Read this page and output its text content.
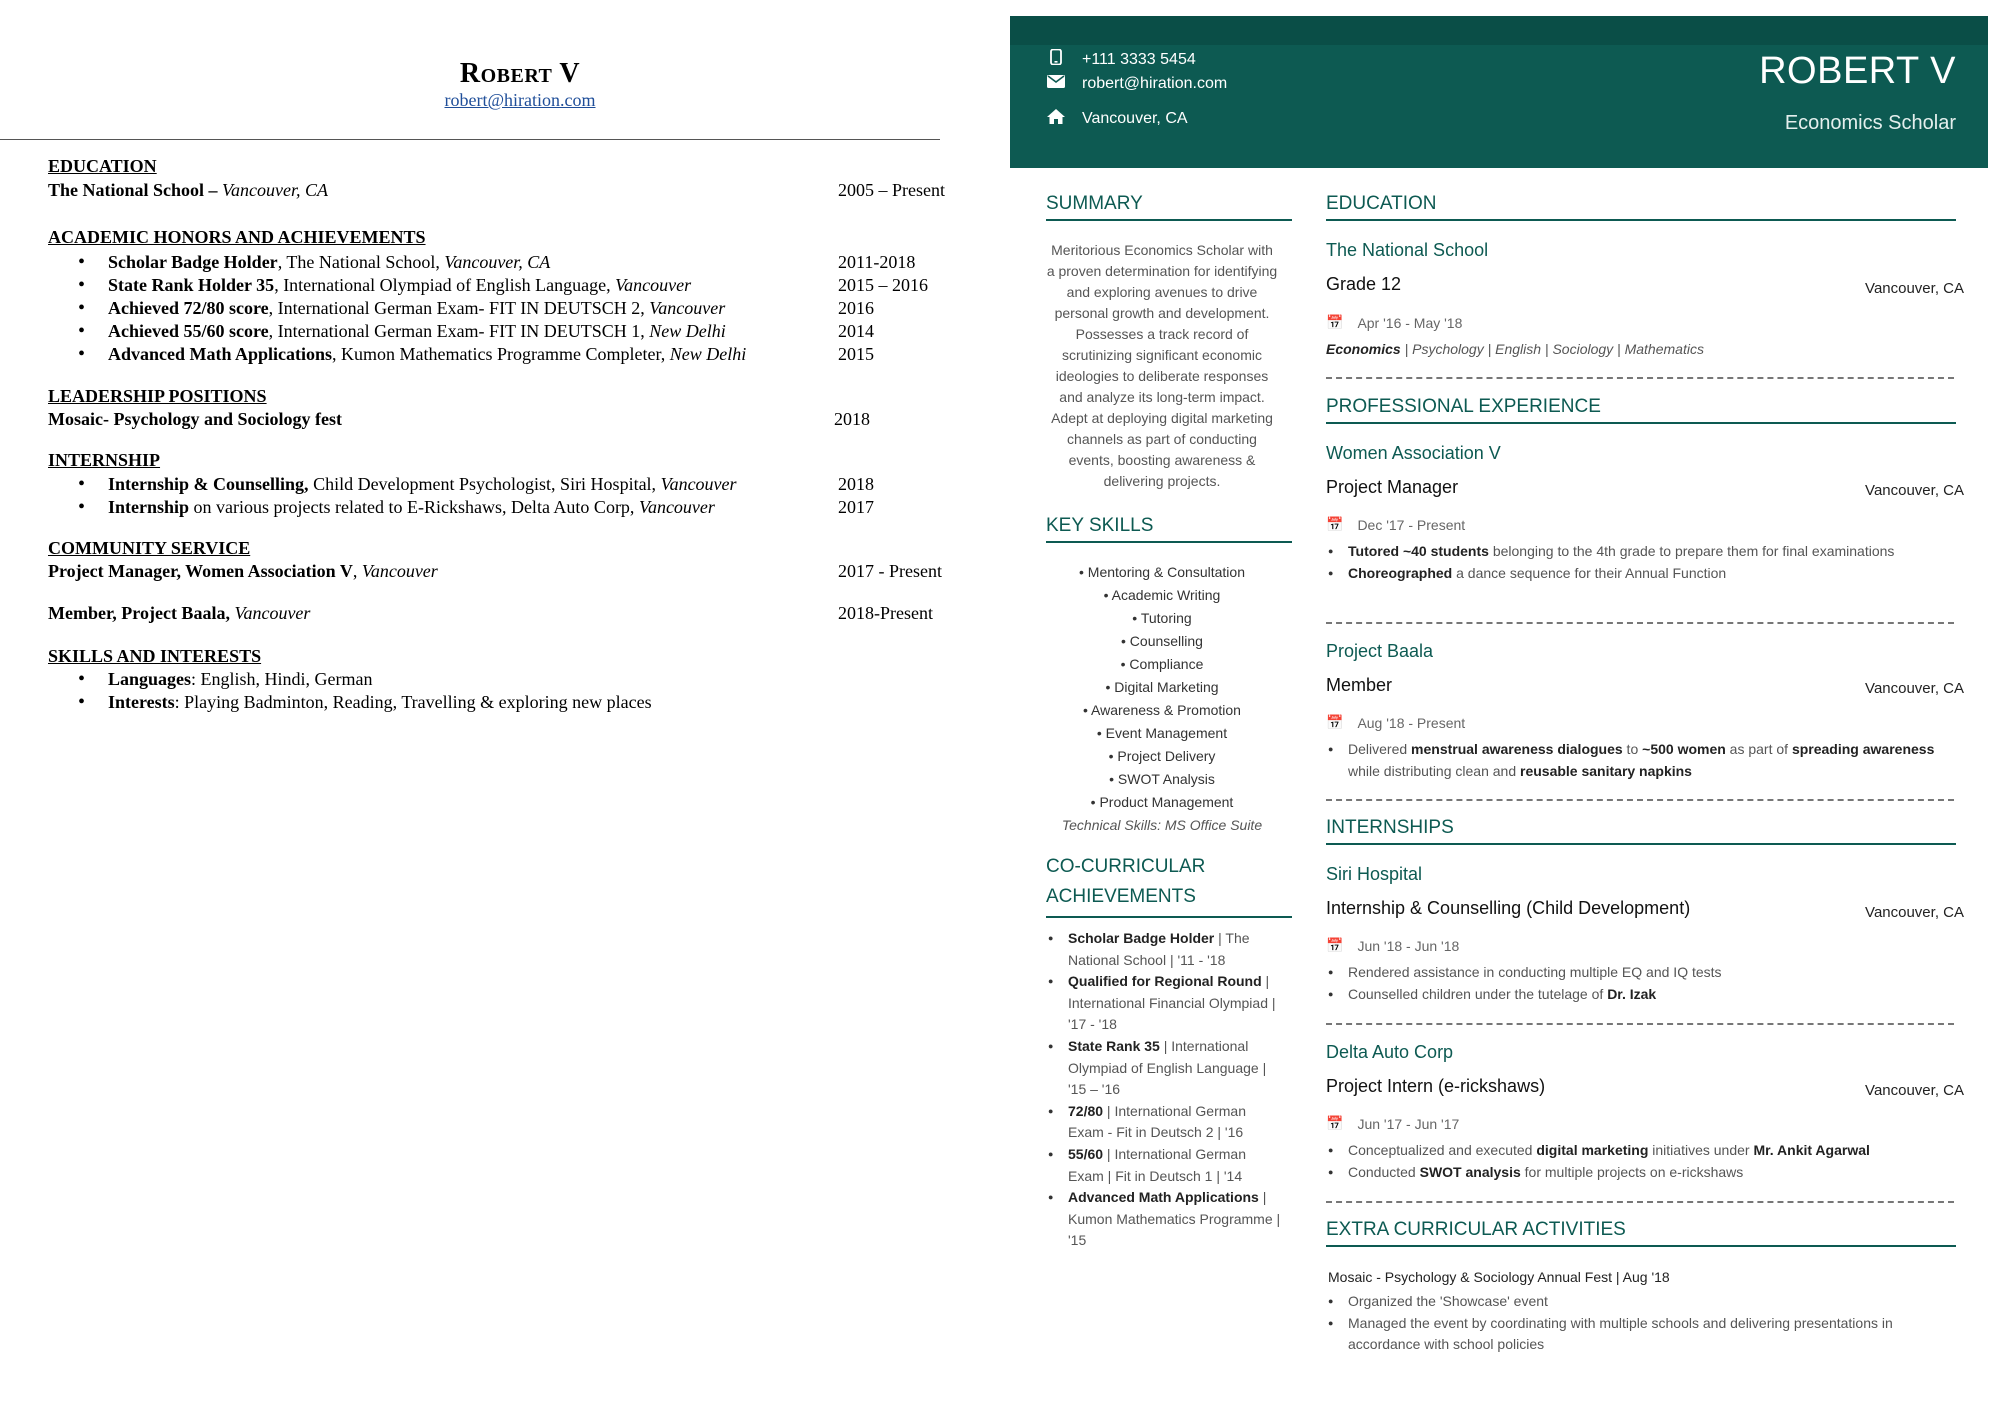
Robert V
robert@hiration.com
EDUCATION
The National School – Vancouver, CA	2005 – Present
ACADEMIC HONORS AND ACHIEVEMENTS
• Scholar Badge Holder, The National School, Vancouver, CA	2011-2018
• State Rank Holder 35, International Olympiad of English Language, Vancouver	2015 – 2016
• Achieved 72/80 score, International German Exam- FIT IN DEUTSCH 2, Vancouver	2016
• Achieved 55/60 score, International German Exam- FIT IN DEUTSCH 1, New Delhi	2014
• Advanced Math Applications, Kumon Mathematics Programme Completer, New Delhi	2015
LEADERSHIP POSITIONS
Mosaic- Psychology and Sociology fest	2018
INTERNSHIP
• Internship & Counselling, Child Development Psychologist, Siri Hospital, Vancouver	2018
• Internship on various projects related to E-Rickshaws, Delta Auto Corp, Vancouver	2017
COMMUNITY SERVICE
Project Manager, Women Association V, Vancouver	2017 - Present
Member, Project Baala, Vancouver	2018-Present
SKILLS AND INTERESTS
• Languages: English, Hindi, German
• Interests: Playing Badminton, Reading, Travelling & exploring new places
+111 3333 5454
robert@hiration.com
Vancouver, CA
ROBERT V
Economics Scholar
SUMMARY
Meritorious Economics Scholar with a proven determination for identifying and exploring avenues to drive personal growth and development. Possesses a track record of scrutinizing significant economic ideologies to deliberate responses and analyze its long-term impact. Adept at deploying digital marketing channels as part of conducting events, boosting awareness & delivering projects.
KEY SKILLS
• Mentoring & Consultation
• Academic Writing
• Tutoring
• Counselling
• Compliance
• Digital Marketing
• Awareness & Promotion
• Event Management
• Project Delivery
• SWOT Analysis
• Product Management
Technical Skills: MS Office Suite
CO-CURRICULAR
ACHIEVEMENTS
● Scholar Badge Holder | The National School | '11 - '18
● Qualified for Regional Round | International Financial Olympiad | '17 - '18
● State Rank 35 | International Olympiad of English Language | '15 – '16
● 72/80 | International German Exam - Fit in Deutsch 2 | '16
● 55/60 | International German Exam | Fit in Deutsch 1 | '14
● Advanced Math Applications | Kumon Mathematics Programme | '15
EDUCATION
The National School
Grade 12	Vancouver, CA
📅 Apr '16 - May '18
Economics | Psychology | English | Sociology | Mathematics
PROFESSIONAL EXPERIENCE
Women Association V
Project Manager	Vancouver, CA
📅 Dec '17 - Present
● Tutored ~40 students belonging to the 4th grade to prepare them for final examinations
● Choreographed a dance sequence for their Annual Function
Project Baala
Member	Vancouver, CA
📅 Aug '18 - Present
● Delivered menstrual awareness dialogues to ~500 women as part of spreading awareness while distributing clean and reusable sanitary napkins
INTERNSHIPS
Siri Hospital
Internship & Counselling (Child Development)	Vancouver, CA
📅 Jun '18 - Jun '18
● Rendered assistance in conducting multiple EQ and IQ tests
● Counselled children under the tutelage of Dr. Izak
Delta Auto Corp
Project Intern (e-rickshaws)	Vancouver, CA
📅 Jun '17 - Jun '17
● Conceptualized and executed digital marketing initiatives under Mr. Ankit Agarwal
● Conducted SWOT analysis for multiple projects on e-rickshaws
EXTRA CURRICULAR ACTIVITIES
Mosaic - Psychology & Sociology Annual Fest | Aug '18
● Organized the 'Showcase' event
● Managed the event by coordinating with multiple schools and delivering presentations in accordance with school policies
